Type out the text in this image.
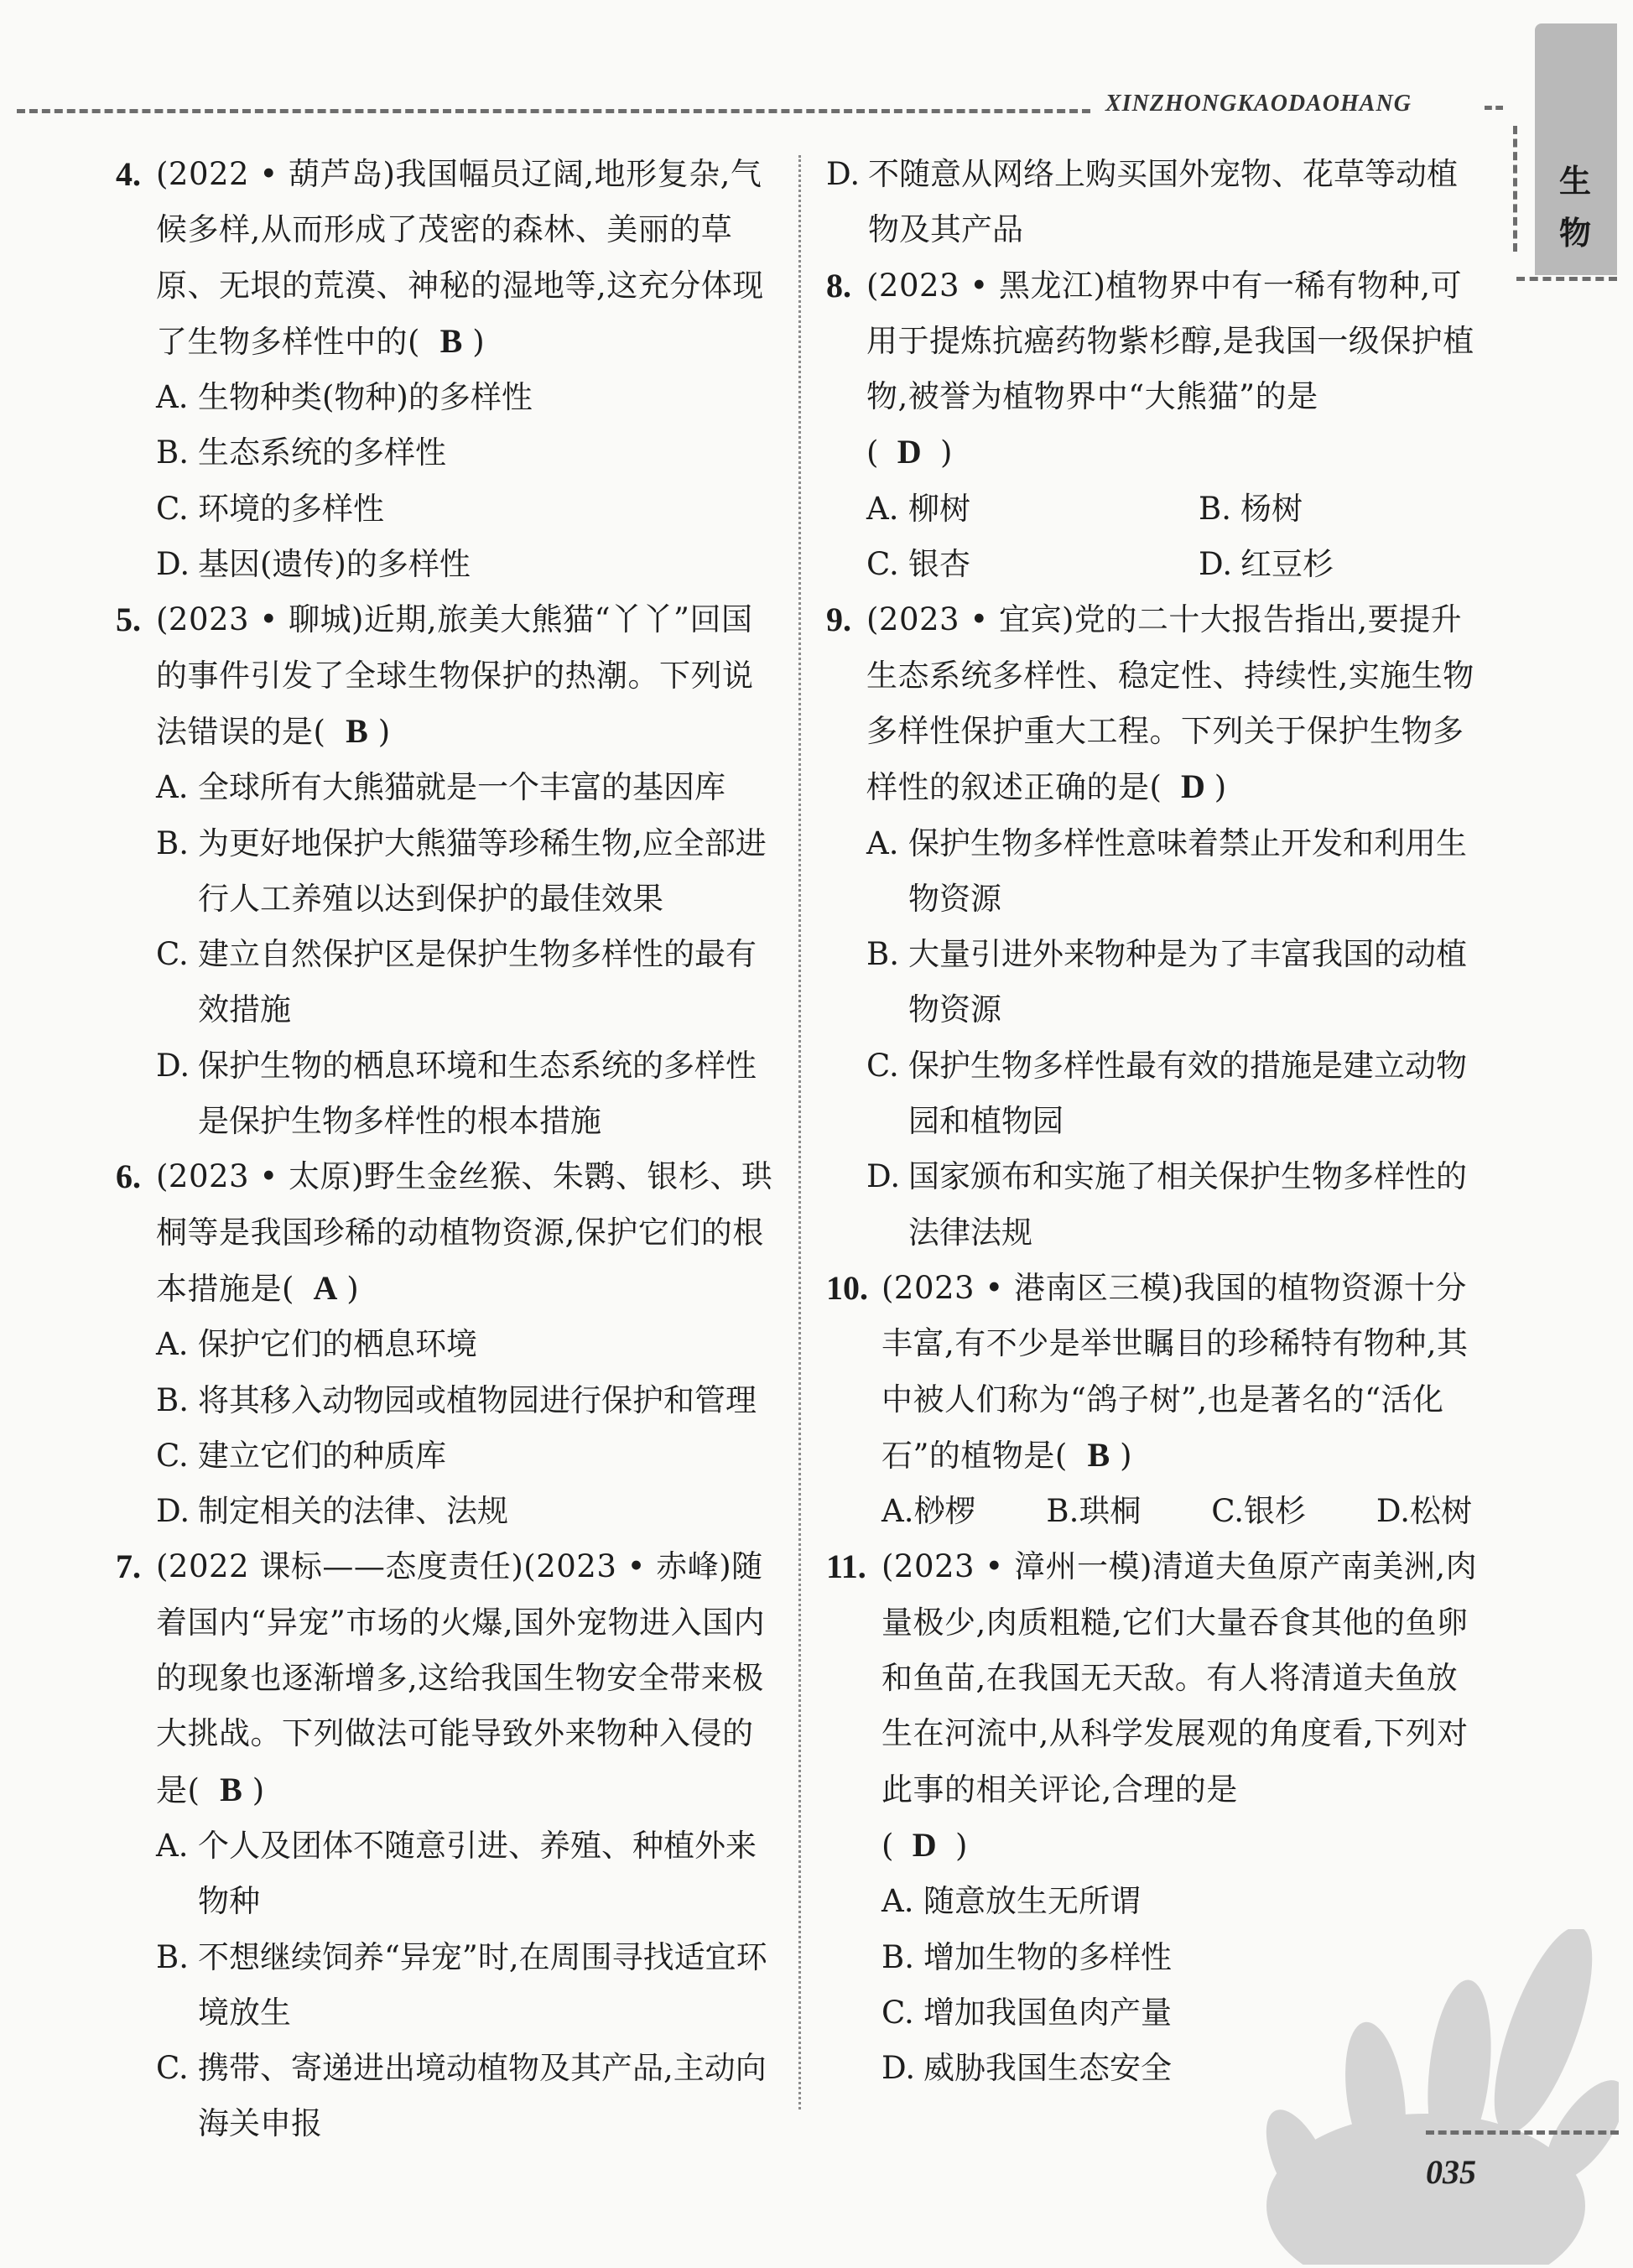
XINZHONGKAODAOHANG
生物
4. (2022 • 葫芦岛)我国幅员辽阔,地形复杂,气候多样,从而形成了茂密的森林、美丽的草原、无垠的荒漠、神秘的湿地等,这充分体现了生物多样性中的( B )
A. 生物种类(物种)的多样性
B. 生态系统的多样性
C. 环境的多样性
D. 基因(遗传)的多样性
5. (2023 • 聊城)近期,旅美大熊猫“丫丫”回国的事件引发了全球生物保护的热潮。下列说法错误的是( B )
A. 全球所有大熊猫就是一个丰富的基因库
B. 为更好地保护大熊猫等珍稀生物,应全部进行人工养殖以达到保护的最佳效果
C. 建立自然保护区是保护生物多样性的最有效措施
D. 保护生物的栖息环境和生态系统的多样性是保护生物多样性的根本措施
6. (2023 • 太原)野生金丝猴、朱鹮、银杉、珙桐等是我国珍稀的动植物资源,保护它们的根本措施是( A )
A. 保护它们的栖息环境
B. 将其移入动物园或植物园进行保护和管理
C. 建立它们的种质库
D. 制定相关的法律、法规
7. (2022 课标——态度责任)(2023 • 赤峰)随着国内“异宠”市场的火爆,国外宠物进入国内的现象也逐渐增多,这给我国生物安全带来极大挑战。下列做法可能导致外来物种入侵的是( B )
A. 个人及团体不随意引进、养殖、种植外来物种
B. 不想继续饲养“异宠”时,在周围寻找适宜环境放生
C. 携带、寄递进出境动植物及其产品,主动向海关申报
D. 不随意从网络上购买国外宠物、花草等动植物及其产品
8. (2023 • 黑龙江)植物界中有一稀有物种,可用于提炼抗癌药物紫杉醇,是我国一级保护植物,被誉为植物界中“大熊猫”的是
( D )
A. 柳树	B. 杨树
C. 银杏	D. 红豆杉
9. (2023 • 宜宾)党的二十大报告指出,要提升生态系统多样性、稳定性、持续性,实施生物多样性保护重大工程。下列关于保护生物多样性的叙述正确的是( D )
A. 保护生物多样性意味着禁止开发和利用生物资源
B. 大量引进外来物种是为了丰富我国的动植物资源
C. 保护生物多样性最有效的措施是建立动物园和植物园
D. 国家颁布和实施了相关保护生物多样性的法律法规
10. (2023 • 港南区三模)我国的植物资源十分丰富,有不少是举世瞩目的珍稀特有物种,其中被人们称为“鸽子树”,也是著名的“活化石”的植物是( B )
A.桫椤 B.珙桐 C.银杉 D.松树
11. (2023 • 漳州一模)清道夫鱼原产南美洲,肉量极少,肉质粗糙,它们大量吞食其他的鱼卵和鱼苗,在我国无天敌。有人将清道夫鱼放生在河流中,从科学发展观的角度看,下列对此事的相关评论,合理的是
( D )
A. 随意放生无所谓
B. 增加生物的多样性
C. 增加我国鱼肉产量
D. 威胁我国生态安全
035
